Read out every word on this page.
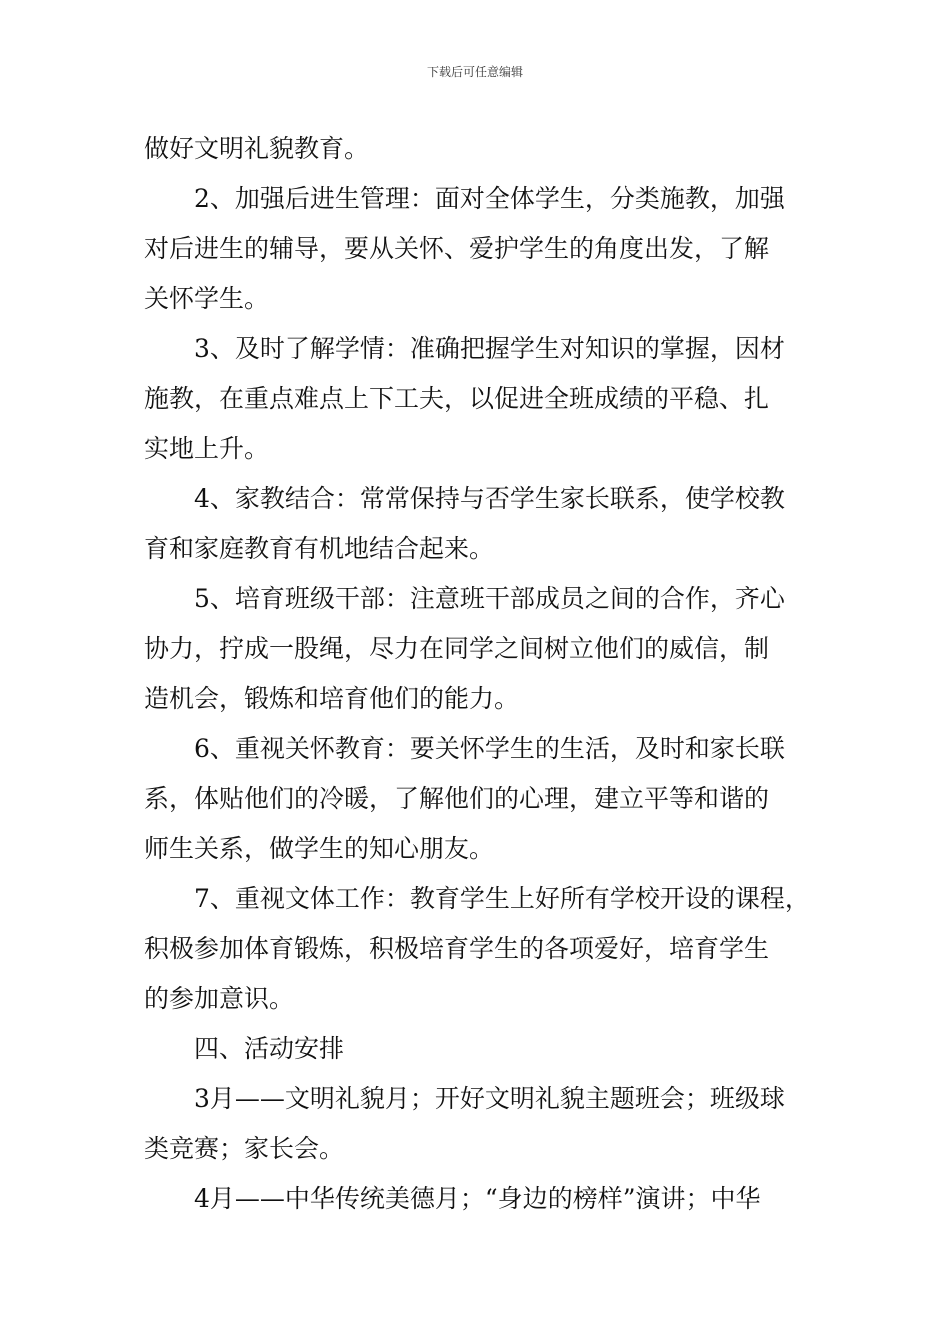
下载后可任意编辑
做好文明礼貌教育。
2、加强后进生管理：面对全体学生，分类施教，加强
对后进生的辅导，要从关怀、爱护学生的角度出发，了解
关怀学生。
3、及时了解学情：准确把握学生对知识的掌握，因材
施教，在重点难点上下工夫，以促进全班成绩的平稳、扎
实地上升。
4、家教结合：常常保持与否学生家长联系，使学校教
育和家庭教育有机地结合起来。
5、培育班级干部：注意班干部成员之间的合作，齐心
协力，拧成一股绳，尽力在同学之间树立他们的威信，制
造机会，锻炼和培育他们的能力。
6、重视关怀教育：要关怀学生的生活，及时和家长联
系，体贴他们的冷暖，了解他们的心理，建立平等和谐的
师生关系，做学生的知心朋友。
7、重视文体工作：教育学生上好所有学校开设的课程，
积极参加体育锻炼，积极培育学生的各项爱好，培育学生
的参加意识。
四、活动安排
3月——文明礼貌月；开好文明礼貌主题班会；班级球
类竞赛；家长会。
4月——中华传统美德月；“身边的榜样”演讲；中华
